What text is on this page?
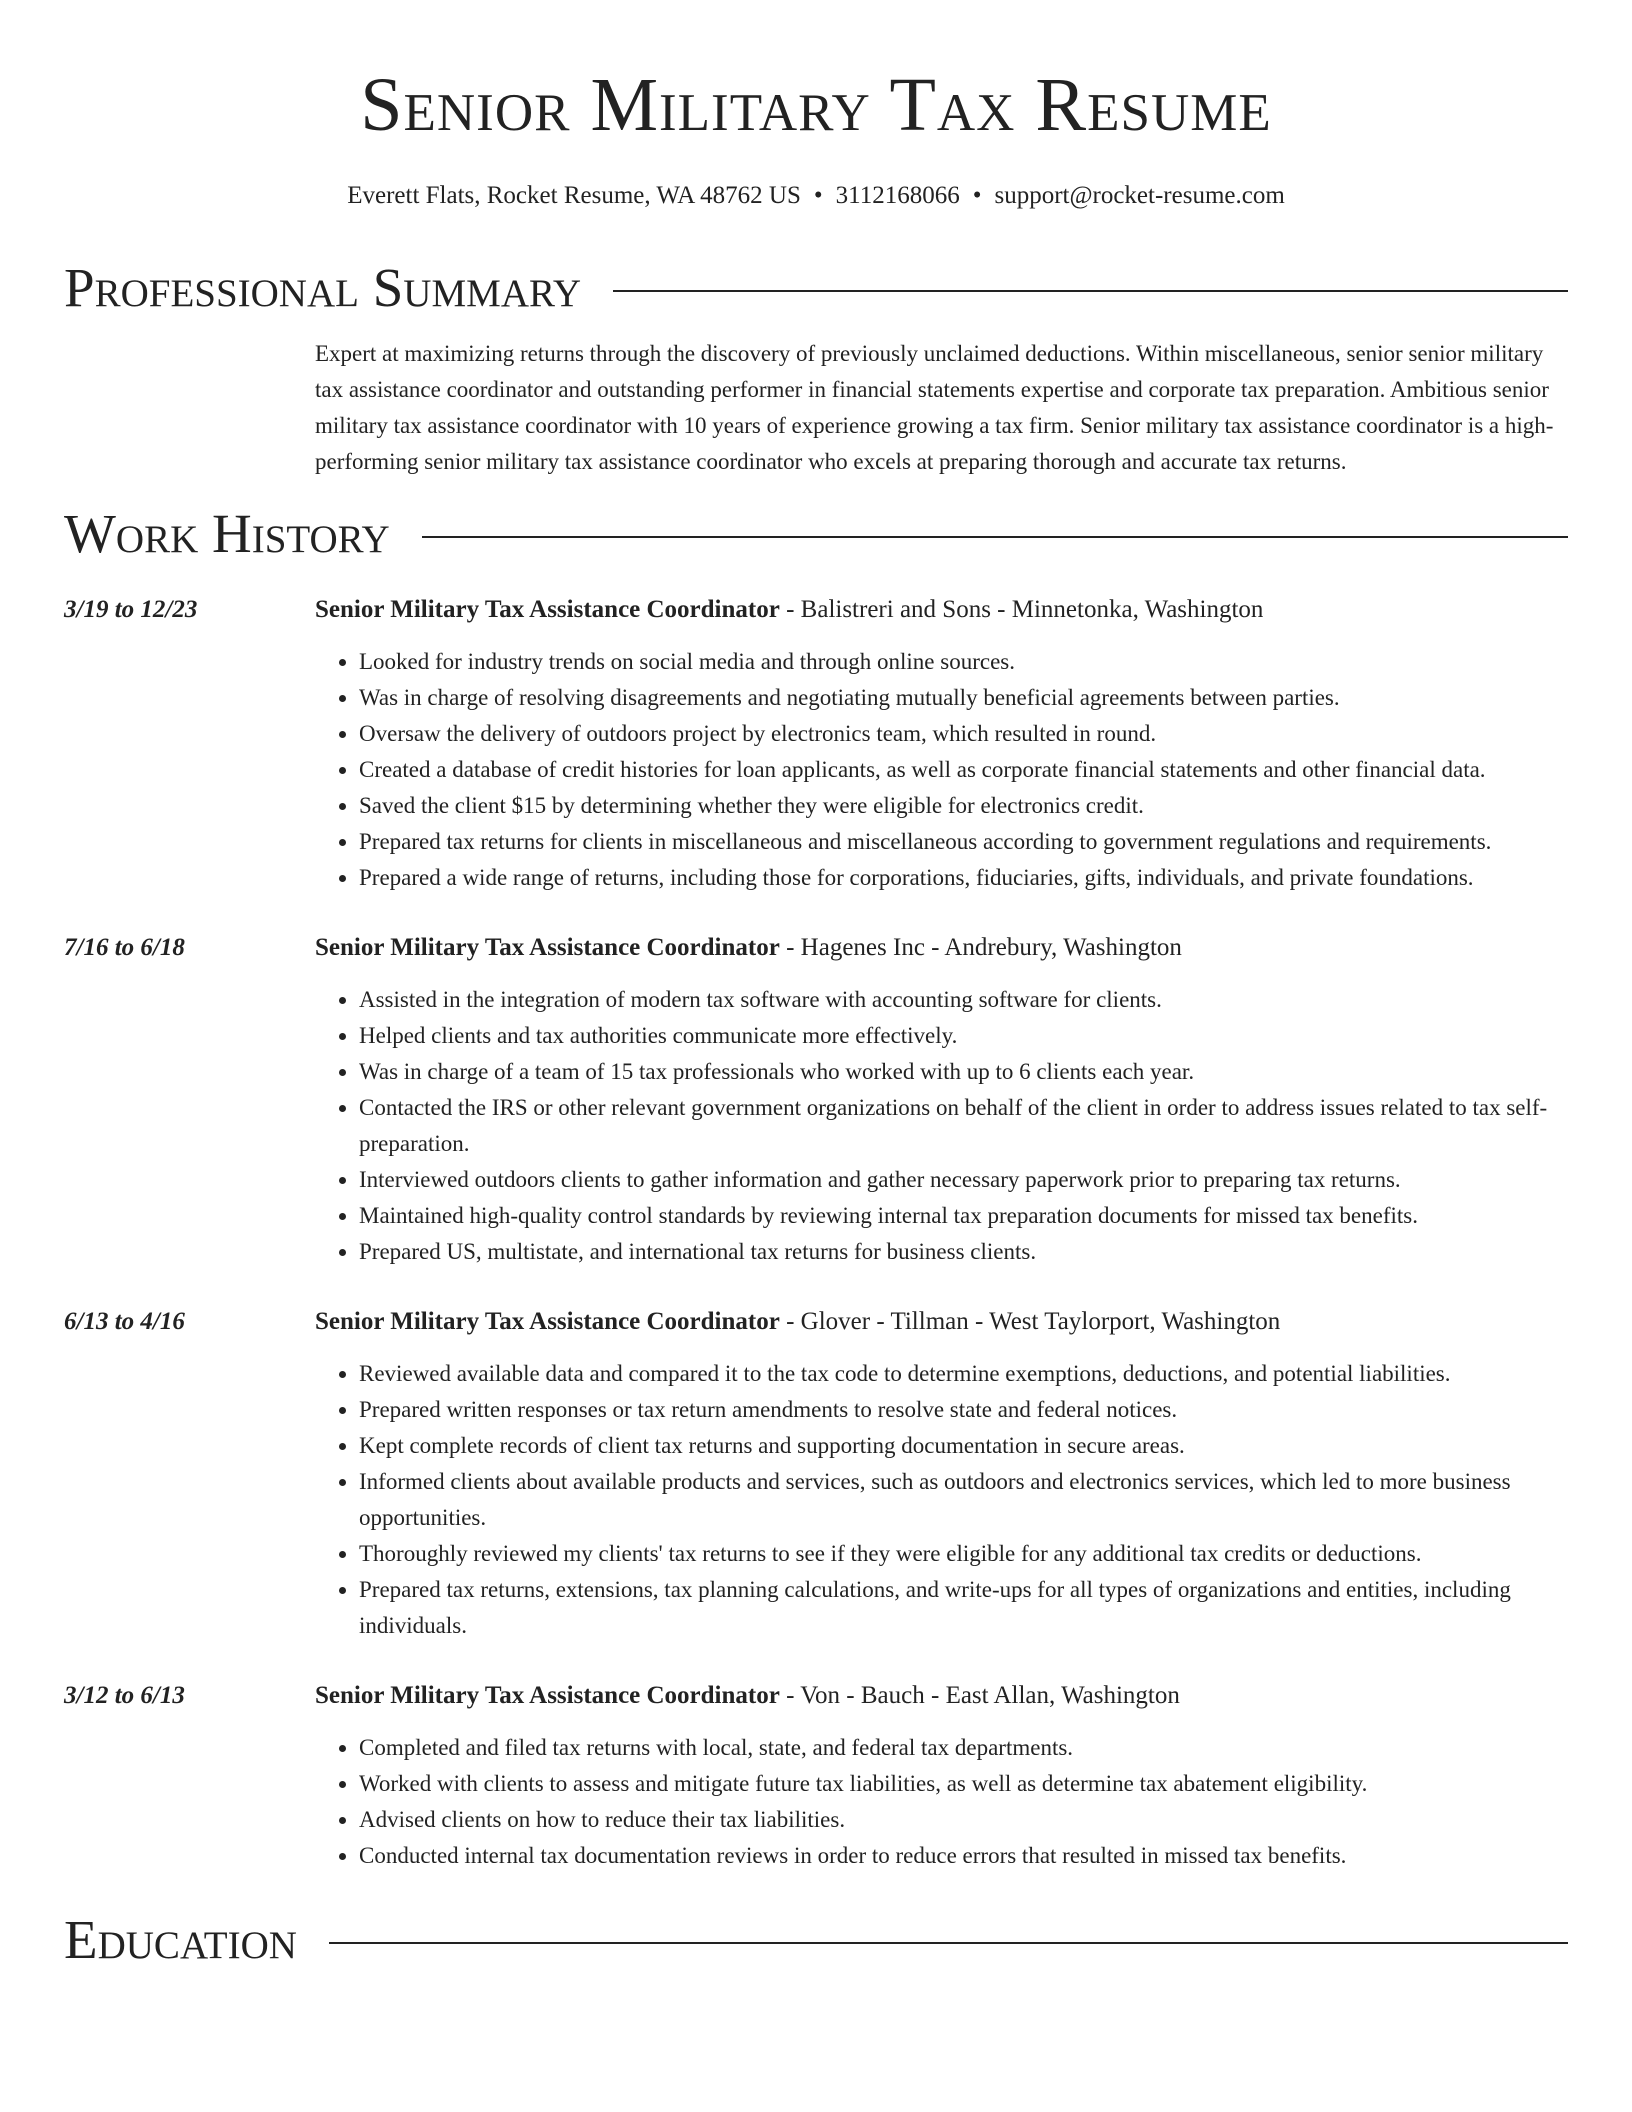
Senior Military Tax Resume
Everett Flats, Rocket Resume, WA 48762 US • 3112168066 • support@rocket-resume.com
Professional Summary

Expert at maximizing returns through the discovery of previously unclaimed deductions. Within miscellaneous, senior senior military tax assistance coordinator and outstanding performer in financial statements expertise and corporate tax preparation. Ambitious senior military tax assistance coordinator with 10 years of experience growing a tax firm. Senior military tax assistance coordinator is a high-performing senior military tax assistance coordinator who excels at preparing thorough and accurate tax returns.

Work History
3/19 to 12/23	Senior Military Tax Assistance Coordinator - Balistreri and Sons - Minnetonka, Washington
• Looked for industry trends on social media and through online sources.
• Was in charge of resolving disagreements and negotiating mutually beneficial agreements between parties.
• Oversaw the delivery of outdoors project by electronics team, which resulted in round.
• Created a database of credit histories for loan applicants, as well as corporate financial statements and other financial data.
• Saved the client $15 by determining whether they were eligible for electronics credit.
• Prepared tax returns for clients in miscellaneous and miscellaneous according to government regulations and requirements.
• Prepared a wide range of returns, including those for corporations, fiduciaries, gifts, individuals, and private foundations.
7/16 to 6/18	Senior Military Tax Assistance Coordinator - Hagenes Inc - Andrebury, Washington
• Assisted in the integration of modern tax software with accounting software for clients.
• Helped clients and tax authorities communicate more effectively.
• Was in charge of a team of 15 tax professionals who worked with up to 6 clients each year.
• Contacted the IRS or other relevant government organizations on behalf of the client in order to address issues related to tax self-preparation.
• Interviewed outdoors clients to gather information and gather necessary paperwork prior to preparing tax returns.
• Maintained high-quality control standards by reviewing internal tax preparation documents for missed tax benefits.
• Prepared US, multistate, and international tax returns for business clients.
6/13 to 4/16	Senior Military Tax Assistance Coordinator - Glover - Tillman - West Taylorport, Washington
• Reviewed available data and compared it to the tax code to determine exemptions, deductions, and potential liabilities.
• Prepared written responses or tax return amendments to resolve state and federal notices.
• Kept complete records of client tax returns and supporting documentation in secure areas.
• Informed clients about available products and services, such as outdoors and electronics services, which led to more business opportunities.
• Thoroughly reviewed my clients' tax returns to see if they were eligible for any additional tax credits or deductions.
• Prepared tax returns, extensions, tax planning calculations, and write-ups for all types of organizations and entities, including individuals.
3/12 to 6/13	Senior Military Tax Assistance Coordinator - Von - Bauch - East Allan, Washington
• Completed and filed tax returns with local, state, and federal tax departments.
• Worked with clients to assess and mitigate future tax liabilities, as well as determine tax abatement eligibility.
• Advised clients on how to reduce their tax liabilities.
• Conducted internal tax documentation reviews in order to reduce errors that resulted in missed tax benefits.
Education
